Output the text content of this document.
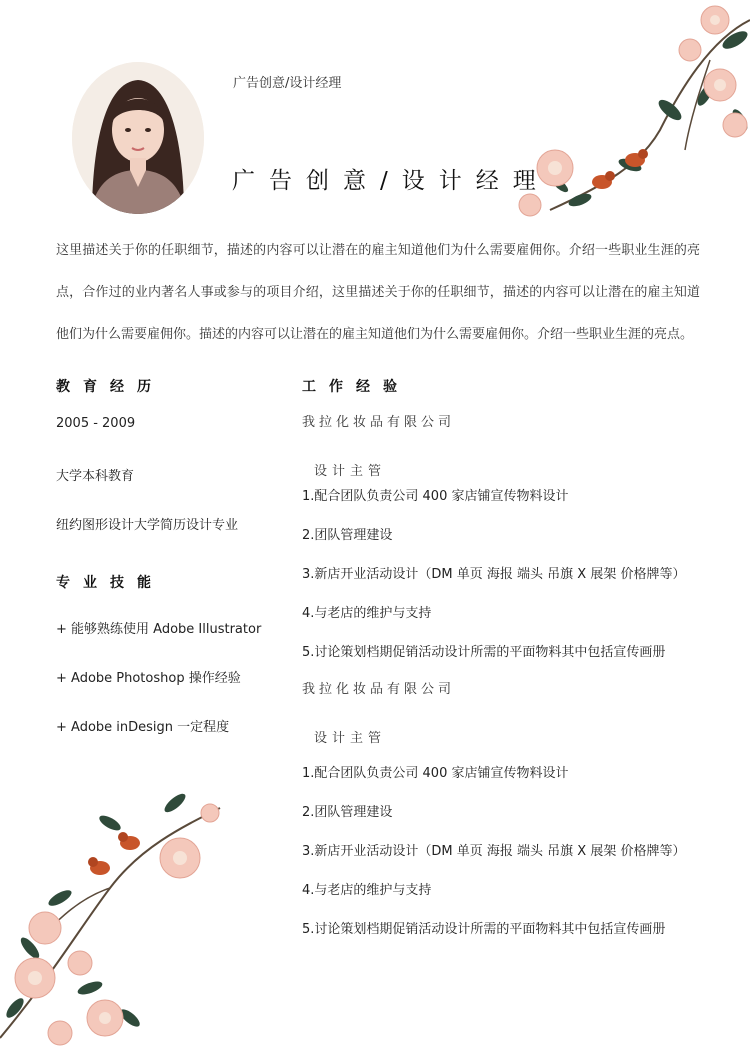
广告创意/设计经理
广告创意/设计经理
这里描述关于你的任职细节，描述的内容可以让潜在的雇主知道他们为什么需要雇佣你。介绍一些职业生涯的亮点，合作过的业内著名人事或参与的项目介绍，这里描述关于你的任职细节，描述的内容可以让潜在的雇主知道他们为什么需要雇佣你。描述的内容可以让潜在的雇主知道他们为什么需要雇佣你。介绍一些职业生涯的亮点。
教育经历
2005 - 2009
大学本科教育
纽约图形设计大学简历设计专业
专业技能
+ 能够熟练使用 Adobe Illustrator
+ Adobe Photoshop 操作经验
+ Adobe inDesign 一定程度
工作经验
我拉化妆品有限公司
设计主管
1.配合团队负责公司 400 家店铺宣传物料设计
2.团队管理建设
3.新店开业活动设计（DM 单页 海报 端头 吊旗 X 展架 价格牌等）
4.与老店的维护与支持
5.讨论策划档期促销活动设计所需的平面物料其中包括宣传画册
我拉化妆品有限公司
设计主管
1.配合团队负责公司 400 家店铺宣传物料设计
2.团队管理建设
3.新店开业活动设计（DM 单页 海报 端头 吊旗 X 展架 价格牌等）
4.与老店的维护与支持
5.讨论策划档期促销活动设计所需的平面物料其中包括宣传画册
